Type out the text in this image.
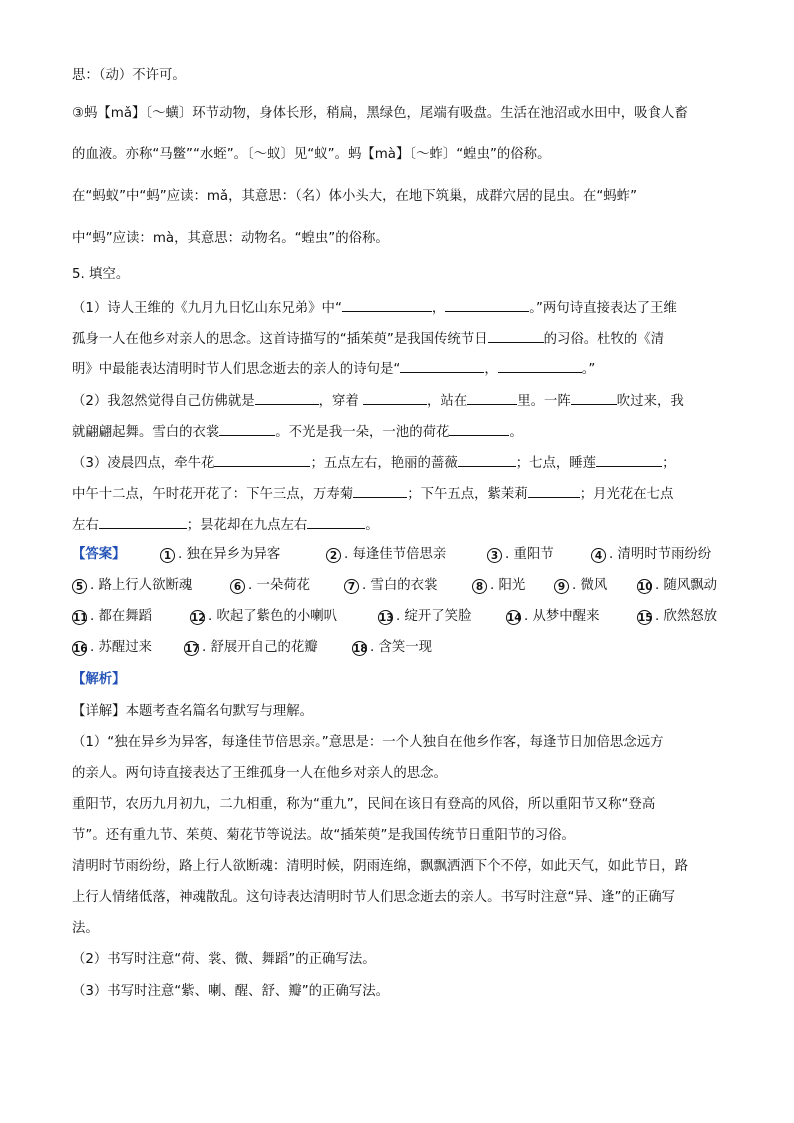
思：（动）不许可。
③蚂【mǎ】〔～蟥〕环节动物，身体长形，稍扁，黑绿色，尾端有吸盘。生活在池沼或水田中，吸食人畜
的血液。亦称“马鳖”“水蛭”。〔～蚁〕见“蚁”。蚂【mà】〔～蚱〕“蝗虫”的俗称。
在“蚂蚁”中“蚂”应读：mǎ，其意思：（名）体小头大，在地下筑巢，成群穴居的昆虫。在“蚂蚱”
中“蚂”应读：mà，其意思：动物名。“蝗虫”的俗称。
5. 填空。
（1）诗人王维的《九月九日忆山东兄弟》中“	，	。”两句诗直接表达了王维
孤身一人在他乡对亲人的思念。这首诗描写的“插茱萸”是我国传统节日	的习俗。杜牧的《清
明》中最能表达清明时节人们思念逝去的亲人的诗句是“	，	。”
（2）我忽然觉得自己仿佛就是	，穿着	，站在	里。一阵	吹过来，我
就翩翩起舞。雪白的衣裳	。不光是我一朵，一池的荷花	。
（3）凌晨四点，牵牛花	；五点左右，艳丽的蔷薇	；七点，睡莲	；
中午十二点，午时花开花了：下午三点，万寿菊	；下午五点，紫茉莉	；月光花在七点
左右	；昙花却在九点左右	。
【答案】	1 . 独在异乡为异客	2 . 每逢佳节倍思亲	3 . 重阳节	4 . 清明时节雨纷纷
5 . 路上行人欲断魂	6 . 一朵荷花	7 . 雪白的衣裳	8 . 阳光	9 . 微风	10 . 随风飘动
11 . 都在舞蹈	12 . 吹起了紫色的小喇叭	13 . 绽开了笑脸	14 . 从梦中醒来	15 . 欣然怒放
16 . 苏醒过来	17 . 舒展开自己的花瓣	18 . 含笑一现
【解析】
【详解】本题考查名篇名句默写与理解。
（1）“独在异乡为异客，每逢佳节倍思亲。”意思是：一个人独自在他乡作客，每逢节日加倍思念远方
的亲人。两句诗直接表达了王维孤身一人在他乡对亲人的思念。
重阳节，农历九月初九，二九相重，称为“重九”，民间在该日有登高的风俗，所以重阳节又称“登高
节”。还有重九节、茱萸、菊花节等说法。故“插茱萸”是我国传统节日重阳节的习俗。
清明时节雨纷纷，路上行人欲断魂：清明时候，阴雨连绵，飘飘洒洒下个不停，如此天气，如此节日，路
上行人情绪低落，神魂散乱。这句诗表达清明时节人们思念逝去的亲人。书写时注意“异、逢”的正确写
法。
（2）书写时注意“荷、裳、微、舞蹈”的正确写法。
（3）书写时注意“紫、喇、醒、舒、瓣”的正确写法。
